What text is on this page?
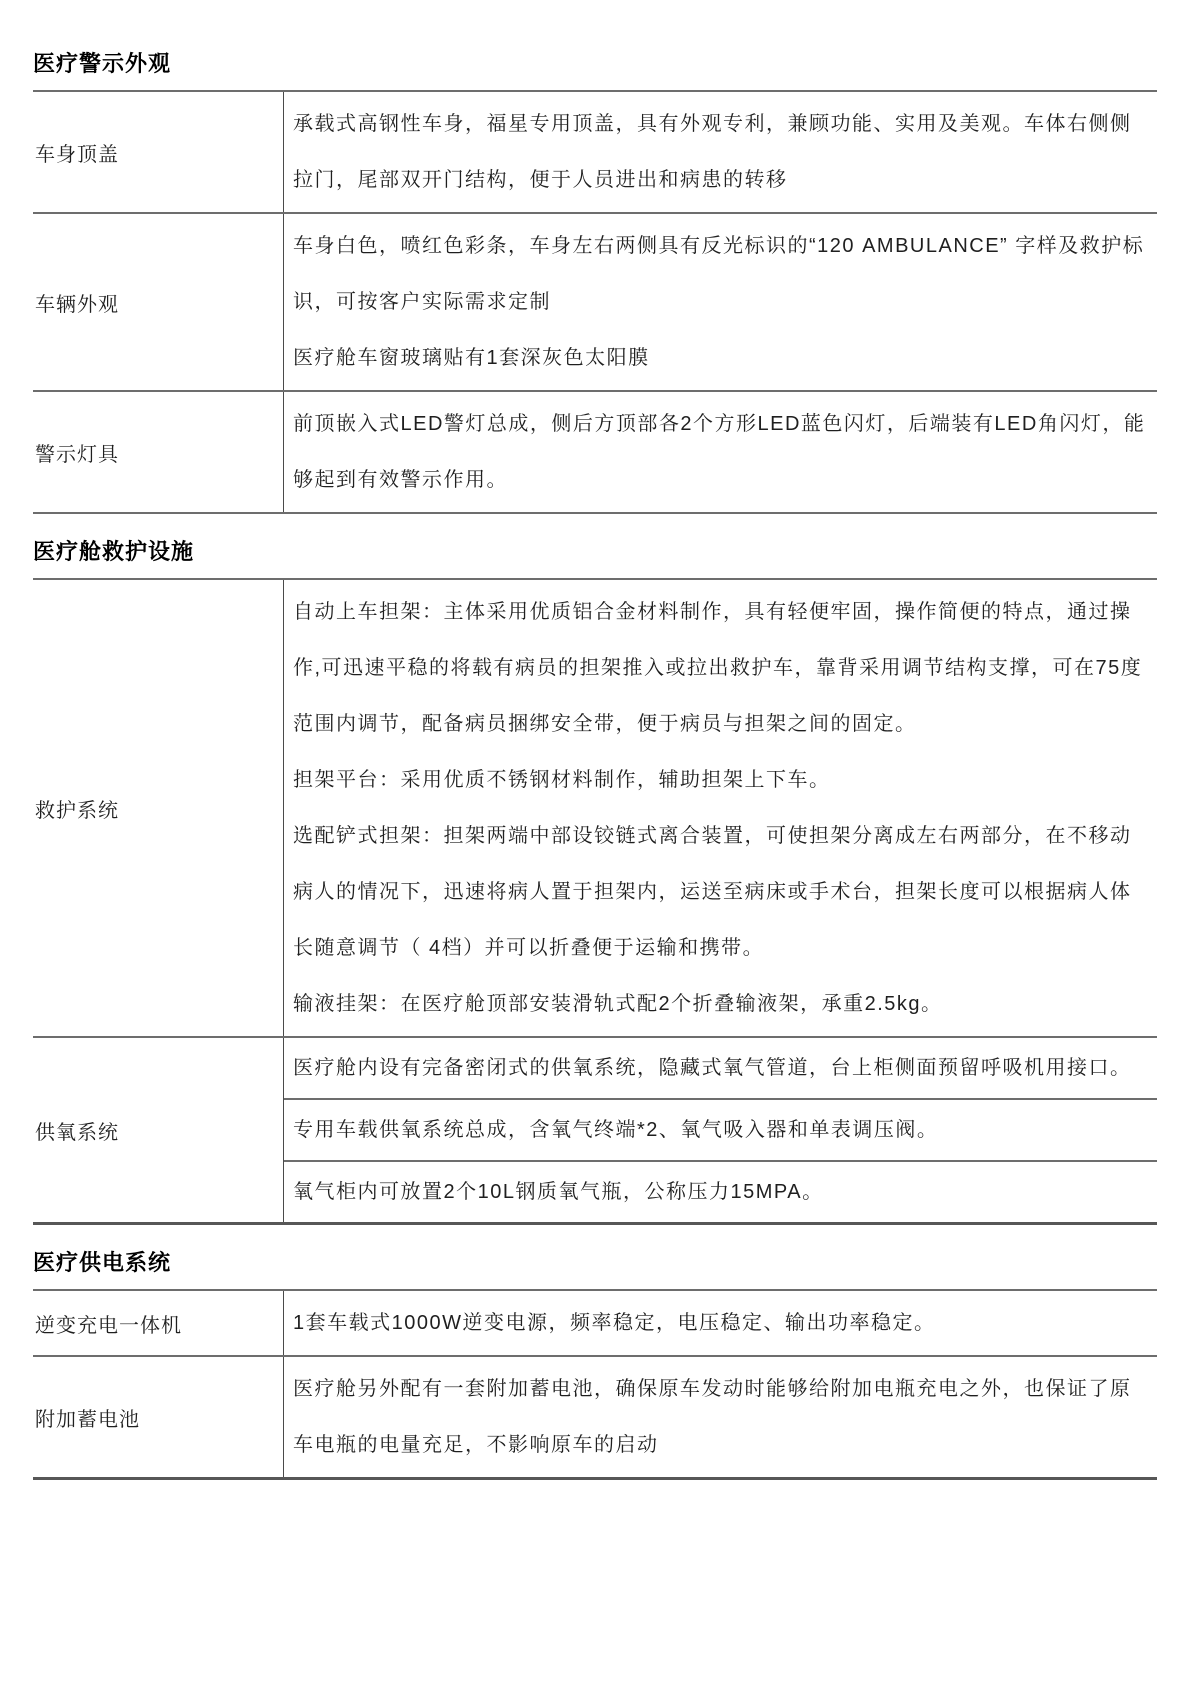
医疗警示外观
车身顶盖
承载式高钢性车身，福星专用顶盖，具有外观专利，兼顾功能、实用及美观。车体右侧侧拉门，尾部双开门结构，便于人员进出和病患的转移
车辆外观
车身白色，喷红色彩条，车身左右两侧具有反光标识的“120 AMBULANCE” 字样及救护标识，可按客户实际需求定制
医疗舱车窗玻璃贴有1套深灰色太阳膜
警示灯具
前顶嵌入式LED警灯总成，侧后方顶部各2个方形LED蓝色闪灯，后端装有LED角闪灯，能够起到有效警示作用。
医疗舱救护设施
救护系统
自动上车担架：主体采用优质铝合金材料制作，具有轻便牢固，操作简便的特点，通过操作,可迅速平稳的将载有病员的担架推入或拉出救护车，靠背采用调节结构支撑，可在75度范围内调节，配备病员捆绑安全带，便于病员与担架之间的固定。
担架平台：采用优质不锈钢材料制作，辅助担架上下车。
选配铲式担架：担架两端中部设铰链式离合装置，可使担架分离成左右两部分，在不移动病人的情况下，迅速将病人置于担架内，运送至病床或手术台，担架长度可以根据病人体长随意调节（ 4档）并可以折叠便于运输和携带。
输液挂架：在医疗舱顶部安装滑轨式配2个折叠输液架，承重2.5kg。
供氧系统
医疗舱内设有完备密闭式的供氧系统，隐藏式氧气管道，台上柜侧面预留呼吸机用接口。
专用车载供氧系统总成，含氧气终端*2、氧气吸入器和单表调压阀。
氧气柜内可放置2个10L钢质氧气瓶，公称压力15MPA。
医疗供电系统
逆变充电一体机	1套车载式1000W逆变电源，频率稳定，电压稳定、输出功率稳定。
附加蓄电池
医疗舱另外配有一套附加蓄电池，确保原车发动时能够给附加电瓶充电之外，也保证了原车电瓶的电量充足，不影响原车的启动
